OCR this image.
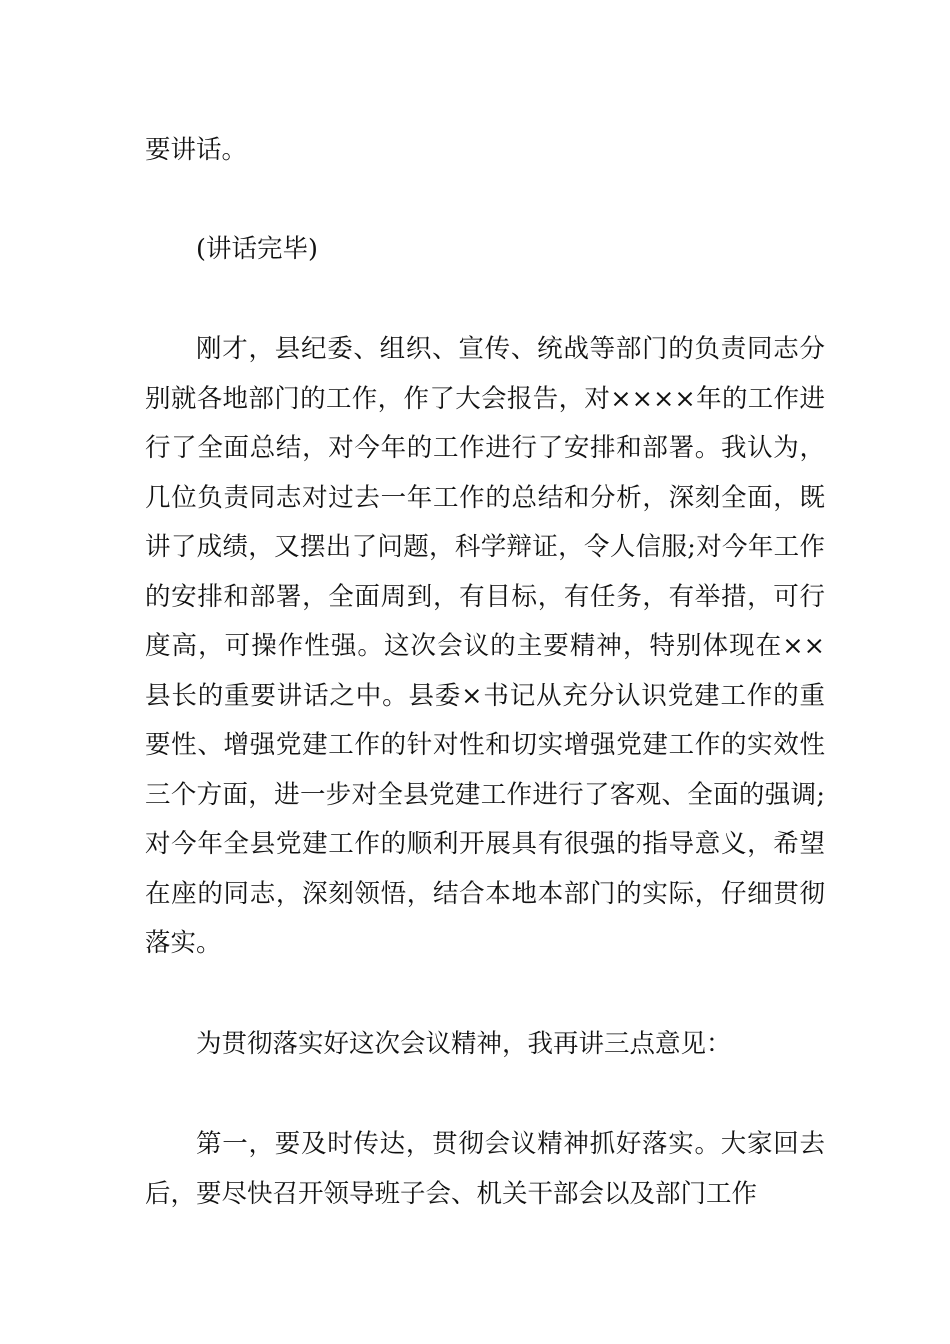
要讲话。

(讲话完毕)

刚才，县纪委、组织、宣传、统战等部门的负责同志分别就各地部门的工作，作了大会报告，对××××年的工作进行了全面总结，对今年的工作进行了安排和部署。我认为，几位负责同志对过去一年工作的总结和分析，深刻全面，既讲了成绩，又摆出了问题，科学辩证，令人信服;对今年工作的安排和部署，全面周到，有目标，有任务，有举措，可行度高，可操作性强。这次会议的主要精神，特别体现在××县长的重要讲话之中。县委×书记从充分认识党建工作的重要性、增强党建工作的针对性和切实增强党建工作的实效性三个方面，进一步对全县党建工作进行了客观、全面的强调;对今年全县党建工作的顺利开展具有很强的指导意义，希望在座的同志，深刻领悟，结合本地本部门的实际，仔细贯彻落实。

为贯彻落实好这次会议精神，我再讲三点意见：

第一，要及时传达，贯彻会议精神抓好落实。大家回去后，要尽快召开领导班子会、机关干部会以及部门工作
